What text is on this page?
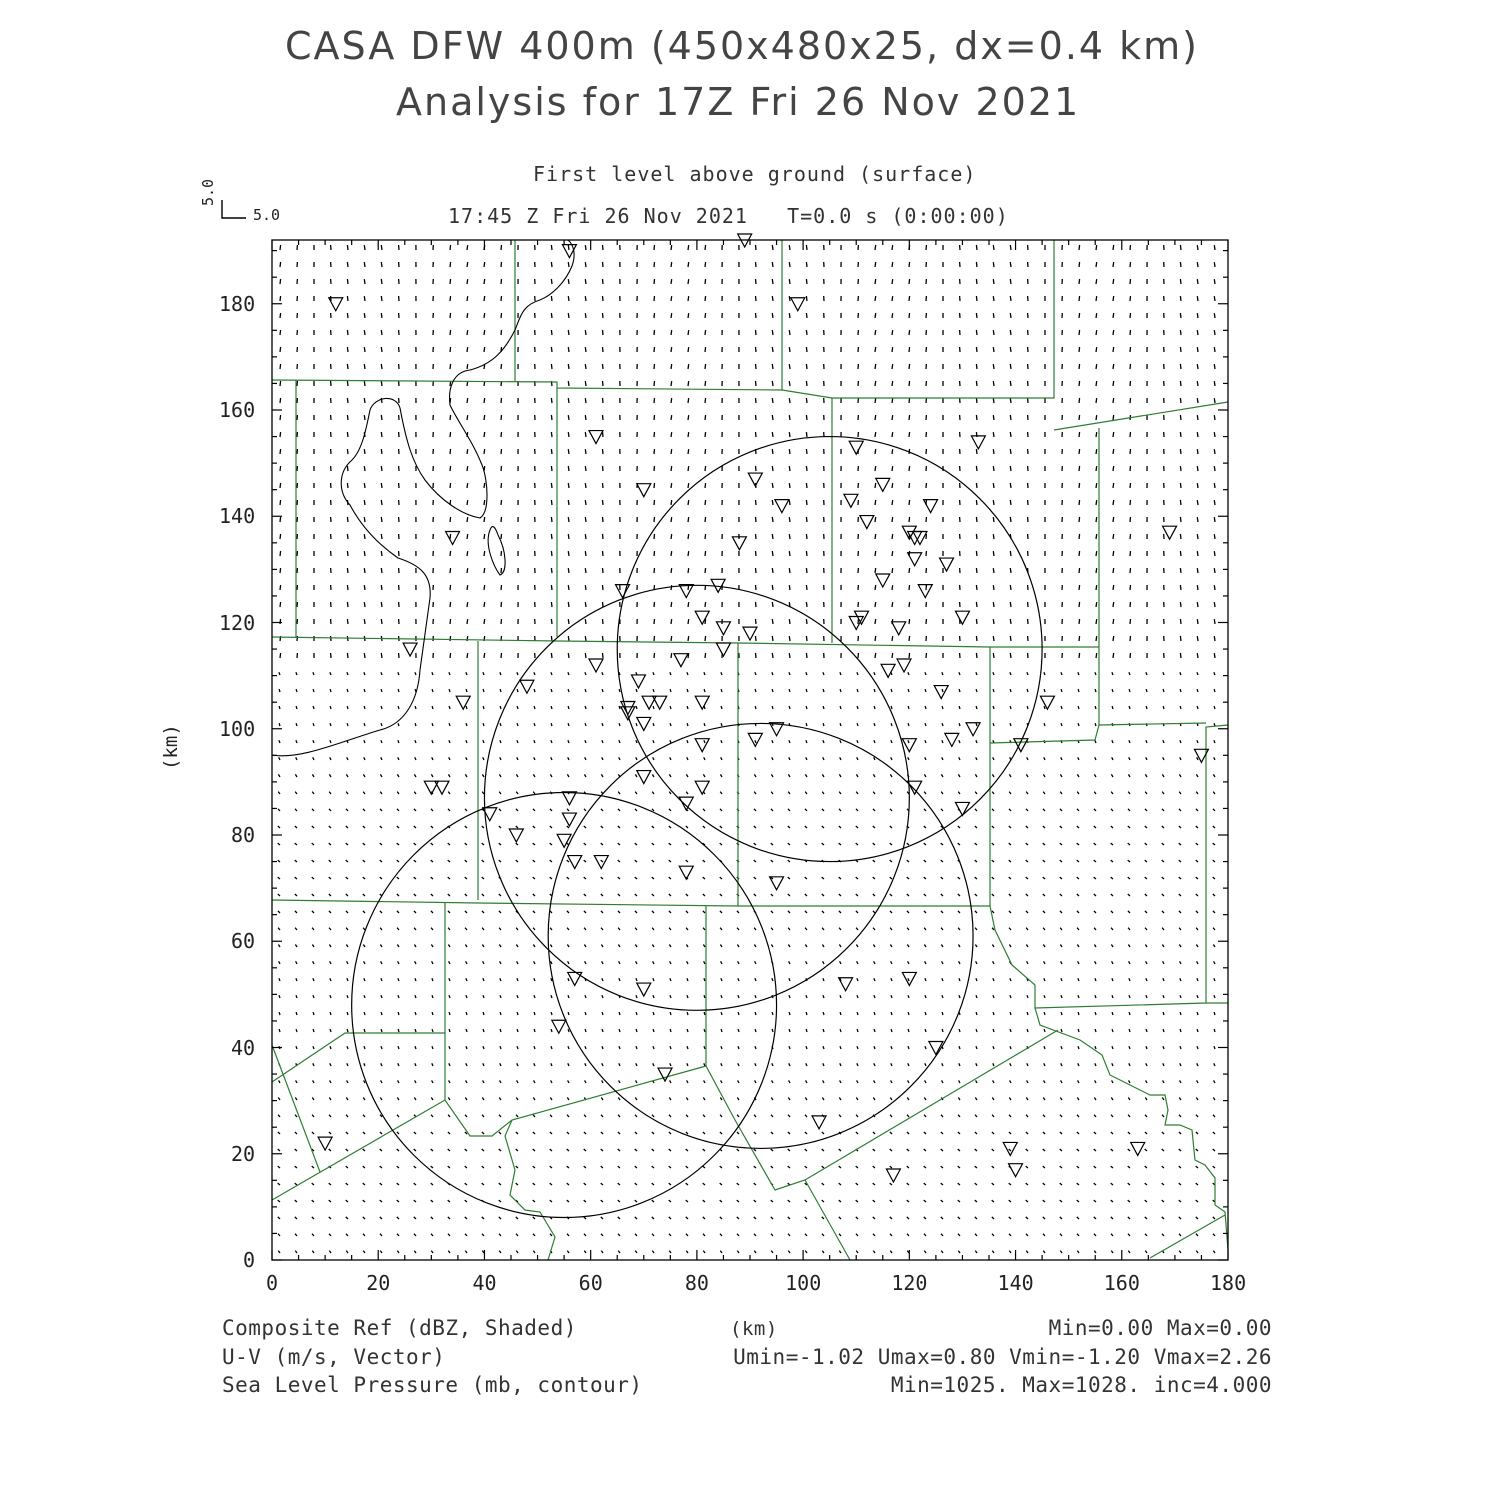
CASA DFW 400m (450x480x25, dx=0.4 km)
Analysis for 17Z Fri 26 Nov 2021
First level above ground (surface)
17:45 Z Fri 26 Nov 2021   T=0.0 s (0:00:00)
5.0
5.0
0	20	40	60	80	100	120	140	160	180
0
20
40
60
80
100
120
140
160
180
(km)
Composite Ref (dBZ, Shaded)	(km)	Min=0.00 Max=0.00
U-V (m/s, Vector)	Umin=-1.02 Umax=0.80 Vmin=-1.20 Vmax=2.26
Sea Level Pressure (mb, contour)	Min=1025. Max=1028. inc=4.000
